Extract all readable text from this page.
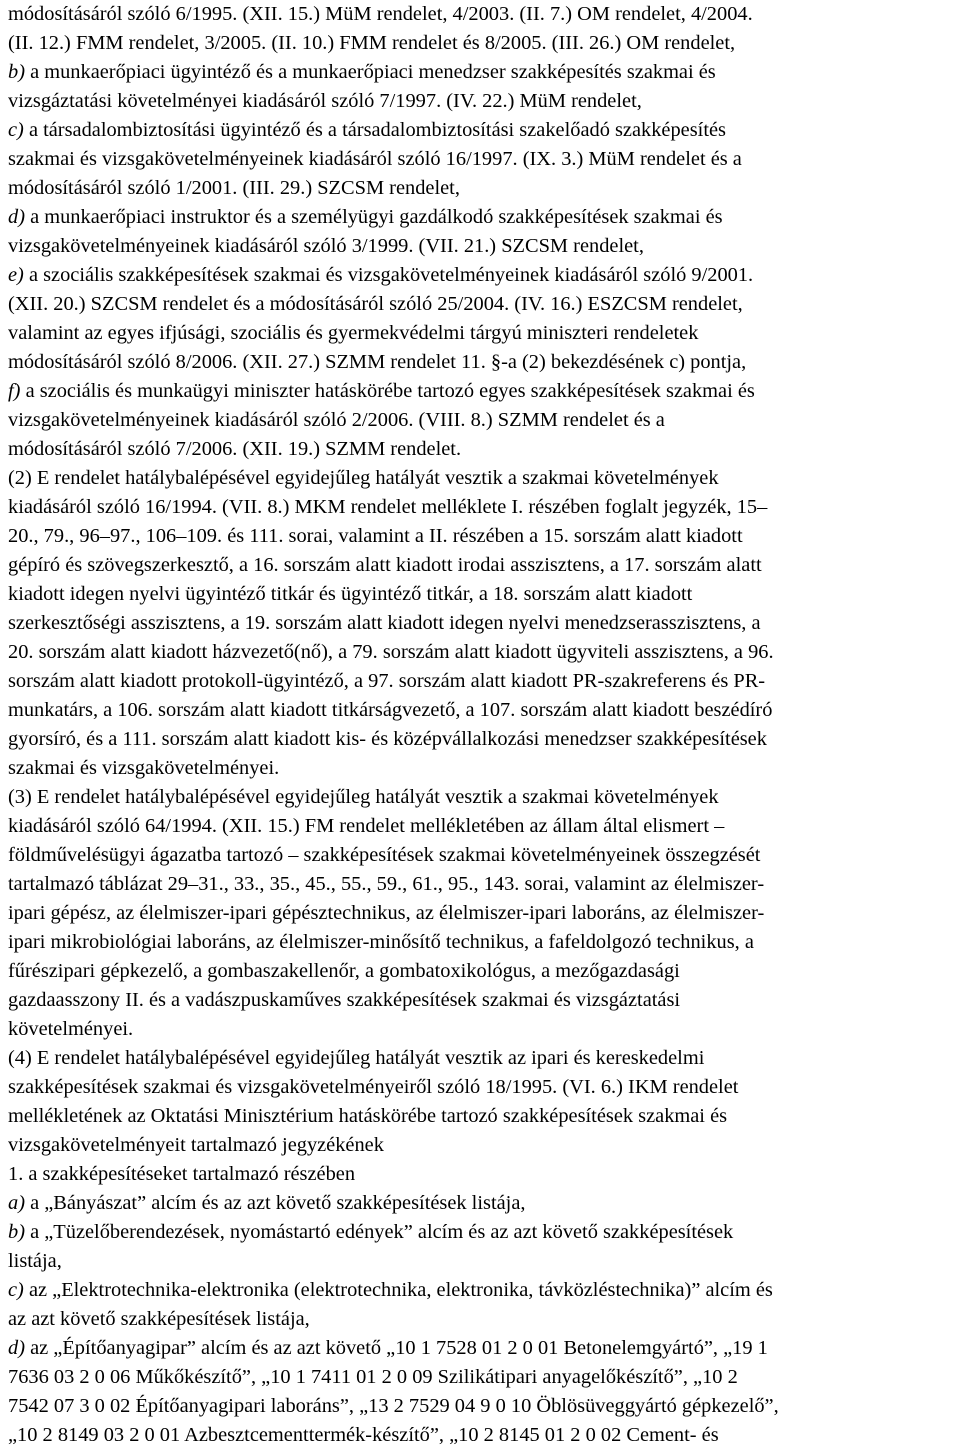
módosításáról szóló 6/1995. (XII. 15.) MüM rendelet, 4/2003. (II. 7.) OM rendelet, 4/2004.
(II. 12.) FMM rendelet, 3/2005. (II. 10.) FMM rendelet és 8/2005. (III. 26.) OM rendelet,
b) a munkaerőpiaci ügyintéző és a munkaerőpiaci menedzser szakképesítés szakmai és
vizsgáztatási követelményei kiadásáról szóló 7/1997. (IV. 22.) MüM rendelet,
c) a társadalombiztosítási ügyintéző és a társadalombiztosítási szakelőadó szakképesítés
szakmai és vizsgakövetelményeinek kiadásáról szóló 16/1997. (IX. 3.) MüM rendelet és a
módosításáról szóló 1/2001. (III. 29.) SZCSM rendelet,
d) a munkaerőpiaci instruktor és a személyügyi gazdálkodó szakképesítések szakmai és
vizsgakövetelményeinek kiadásáról szóló 3/1999. (VII. 21.) SZCSM rendelet,
e) a szociális szakképesítések szakmai és vizsgakövetelményeinek kiadásáról szóló 9/2001.
(XII. 20.) SZCSM rendelet és a módosításáról szóló 25/2004. (IV. 16.) ESZCSM rendelet,
valamint az egyes ifjúsági, szociális és gyermekvédelmi tárgyú miniszteri rendeletek
módosításáról szóló 8/2006. (XII. 27.) SZMM rendelet 11. §-a (2) bekezdésének c) pontja,
f) a szociális és munkaügyi miniszter hatáskörébe tartozó egyes szakképesítések szakmai és
vizsgakövetelményeinek kiadásáról szóló 2/2006. (VIII. 8.) SZMM rendelet és a
módosításáról szóló 7/2006. (XII. 19.) SZMM rendelet.
(2) E rendelet hatálybalépésével egyidejűleg hatályát vesztik a szakmai követelmények
kiadásáról szóló 16/1994. (VII. 8.) MKM rendelet melléklete I. részében foglalt jegyzék, 15–
20., 79., 96–97., 106–109. és 111. sorai, valamint a II. részében a 15. sorszám alatt kiadott
gépíró és szövegszerkesztő, a 16. sorszám alatt kiadott irodai asszisztens, a 17. sorszám alatt
kiadott idegen nyelvi ügyintéző titkár és ügyintéző titkár, a 18. sorszám alatt kiadott
szerkesztőségi asszisztens, a 19. sorszám alatt kiadott idegen nyelvi menedzserasszisztens, a
20. sorszám alatt kiadott házvezető(nő), a 79. sorszám alatt kiadott ügyviteli asszisztens, a 96.
sorszám alatt kiadott protokoll-ügyintéző, a 97. sorszám alatt kiadott PR-szakreferens és PR-
munkatárs, a 106. sorszám alatt kiadott titkárságvezető, a 107. sorszám alatt kiadott beszédíró
gyorsíró, és a 111. sorszám alatt kiadott kis- és középvállalkozási menedzser szakképesítések
szakmai és vizsgakövetelményei.
(3) E rendelet hatálybalépésével egyidejűleg hatályát vesztik a szakmai követelmények
kiadásáról szóló 64/1994. (XII. 15.) FM rendelet mellékletében az állam által elismert –
földművelésügyi ágazatba tartozó – szakképesítések szakmai követelményeinek összegzését
tartalmazó táblázat 29–31., 33., 35., 45., 55., 59., 61., 95., 143. sorai, valamint az élelmiszer-
ipari gépész, az élelmiszer-ipari gépésztechnikus, az élelmiszer-ipari laboráns, az élelmiszer-
ipari mikrobiológiai laboráns, az élelmiszer-minősítő technikus, a fafeldolgozó technikus, a
fűrészipari gépkezelő, a gombaszakellenőr, a gombatoxikológus, a mezőgazdasági
gazdaasszony II. és a vadászpuskaműves szakképesítések szakmai és vizsgáztatási
követelményei.
(4) E rendelet hatálybalépésével egyidejűleg hatályát vesztik az ipari és kereskedelmi
szakképesítések szakmai és vizsgakövetelményeiről szóló 18/1995. (VI. 6.) IKM rendelet
mellékletének az Oktatási Minisztérium hatáskörébe tartozó szakképesítések szakmai és
vizsgakövetelményeit tartalmazó jegyzékének
1. a szakképesítéseket tartalmazó részében
a) a „Bányászat” alcím és az azt követő szakképesítések listája,
b) a „Tüzelőberendezések, nyomástartó edények” alcím és az azt követő szakképesítések
listája,
c) az „Elektrotechnika-elektronika (elektrotechnika, elektronika, távközléstechnika)” alcím és
az azt követő szakképesítések listája,
d) az „Építőanyagipar” alcím és az azt követő „10 1 7528 01 2 0 01 Betonelemgyártó”, „19 1
7636 03 2 0 06 Műkőkészítő”, „10 1 7411 01 2 0 09 Szilikátipari anyagelőkészítő”, „10 2
7542 07 3 0 02 Építőanyagipari laboráns”, „13 2 7529 04 9 0 10 Öblösüveggyártó gépkezelő”,
„10 2 8149 03 2 0 01 Azbesztcementtermék-készítő”, „10 2 8145 01 2 0 02 Cement- és
